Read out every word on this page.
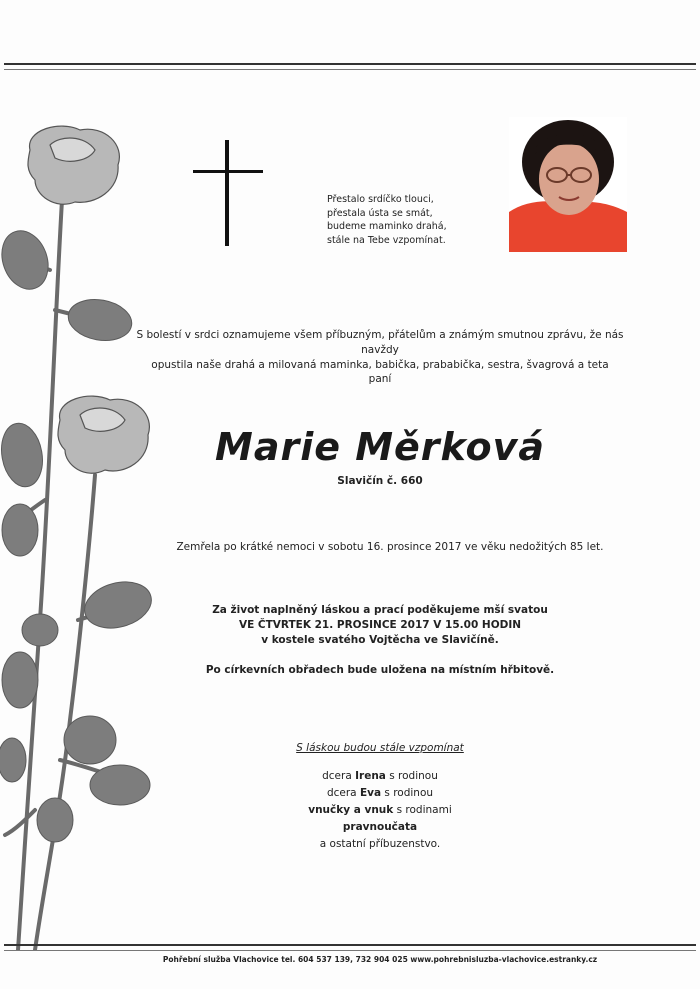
Přestalo srdíčko tlouci,
přestala ústa se smát,
budeme maminko drahá,
stále na Tebe vzpomínat.
S bolestí v srdci oznamujeme všem příbuzným, přátelům a známým smutnou zprávu, že nás navždy
opustila naše drahá a milovaná maminka, babička, prababička, sestra, švagrová a teta
paní
Marie Měrková
Slavičín č. 660
Zemřela po krátké nemoci v sobotu 16. prosince 2017 ve věku nedožitých 85 let.
Za život naplněný láskou a prací poděkujeme mší svatou
VE ČTVRTEK 21. PROSINCE 2017 V 15.00 HODIN
v kostele svatého Vojtěcha ve Slavičíně.
Po církevních obřadech bude uložena na místním hřbitově.
S láskou budou stále vzpomínat
dcera Irena s rodinou
dcera Eva s rodinou
vnučky a vnuk s rodinami
pravnoučata
a ostatní příbuzenstvo.
Pohřební služba Vlachovice tel. 604 537 139, 732 904 025 www.pohrebnisluzba-vlachovice.estranky.cz
